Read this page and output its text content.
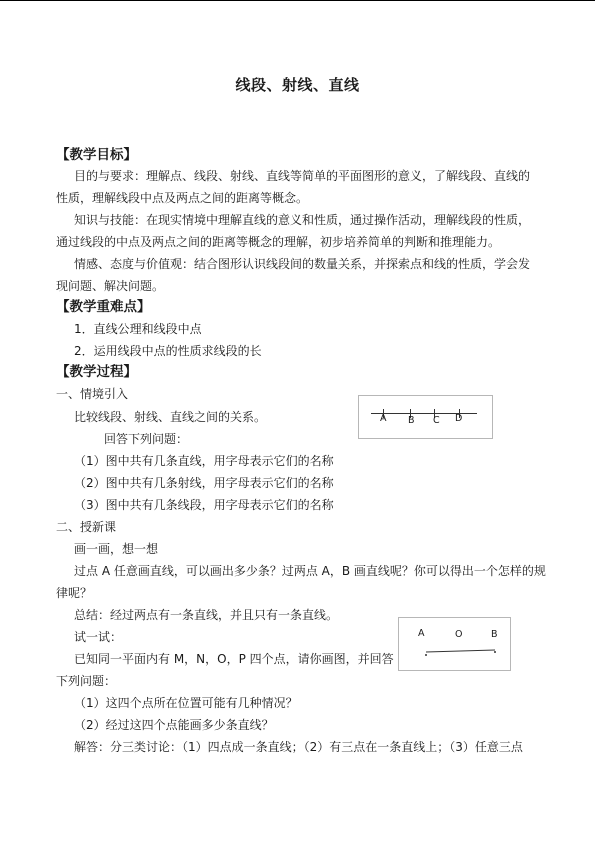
线段、射线、直线
【教学目标】
目的与要求：理解点、线段、射线、直线等简单的平面图形的意义，了解线段、直线的
性质，理解线段中点及两点之间的距离等概念。
知识与技能：在现实情境中理解直线的意义和性质，通过操作活动，理解线段的性质，
通过线段的中点及两点之间的距离等概念的理解，初步培养简单的判断和推理能力。
情感、态度与价值观：结合图形认识线段间的数量关系，并探索点和线的性质，学会发
现问题、解决问题。
【教学重难点】
1．直线公理和线段中点
2．运用线段中点的性质求线段的长
【教学过程】
一、情境引入
比较线段、射线、直线之间的关系。
回答下列问题：
（1）图中共有几条直线，用字母表示它们的名称
（2）图中共有几条射线，用字母表示它们的名称
（3）图中共有几条线段，用字母表示它们的名称
A B C D
二、授新课
画一画，想一想
过点 A 任意画直线，可以画出多少条？过两点 A，B 画直线呢？你可以得出一个怎样的规
律呢？
总结：经过两点有一条直线，并且只有一条直线。
试一试：
已知同一平面内有 M，N，O，P 四个点，请你画图，并回答
下列问题：
（1）这四个点所在位置可能有几种情况？
（2）经过这四个点能画多少条直线？
解答：分三类讨论：（1）四点成一条直线；（2）有三点在一条直线上；（3）任意三点
A	O	B
